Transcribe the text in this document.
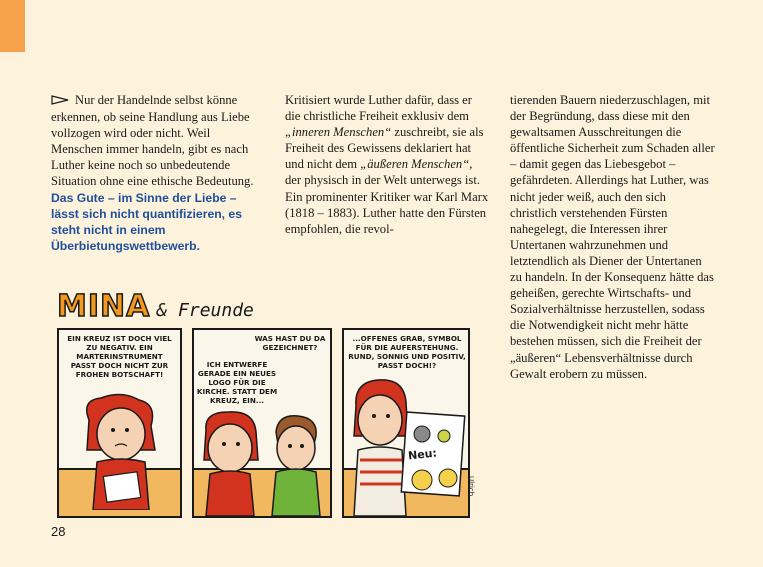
Nur der Handelnde selbst könne erkennen, ob seine Handlung aus Liebe vollzogen wird oder nicht. Weil Menschen immer handeln, gibt es nach Luther keine noch so unbedeutende Situation ohne eine ethische Bedeutung.

Das Gute – im Sinne der Liebe – lässt sich nicht quantifizieren, es steht nicht in einem Überbietungswettbewerb.

Kritisiert wurde Luther dafür, dass er die christliche Freiheit exklusiv dem „inneren Menschen“ zuschreibt, sie als Freiheit des Gewissens deklariert hat und nicht dem „äußeren Menschen“, der physisch in der Welt unterwegs ist. Ein prominenter Kritiker war Karl Marx (1818 – 1883). Luther hatte den Fürsten empfohlen, die revol-

tierenden Bauern niederzuschlagen, mit der Begründung, dass diese mit den gewaltsamen Ausschreitungen die öffentliche Sicherheit zum Schaden aller – damit gegen das Liebesgebot – gefährdeten. Allerdings hat Luther, was nicht jeder weiß, auch den sich christlich verstehenden Fürsten nahegelegt, die Interessen ihrer Untertanen wahrzunehmen und letztendlich als Diener der Untertanen zu handeln. In der Konsequenz hätte das geheißen, gerechte Wirtschafts- und Sozialverhältnisse herzustellen, sodass die Notwendigkeit nicht mehr hätte bestehen müssen, sich die Freiheit der „äußeren“ Lebensverhältnisse durch Gewalt erobern zu müssen.

MINA & Freunde
EIN KREUZ IST DOCH VIEL ZU NEGATIV. EIN MARTERINSTRUMENT PASST DOCH NICHT ZUR FROHEN BOTSCHAFT!
WAS HAST DU DA GEZEICHNET?
ICH ENTWERFE GERADE EIN NEUES LOGO FÜR DIE KIRCHE. STATT DEM KREUZ, EIN...
...OFFENES GRAB, SYMBOL FÜR DIE AUFERSTEHUNG. RUND, SONNIG UND POSITIV, PASST DOCH!?
Neu:
Ulrich
28
